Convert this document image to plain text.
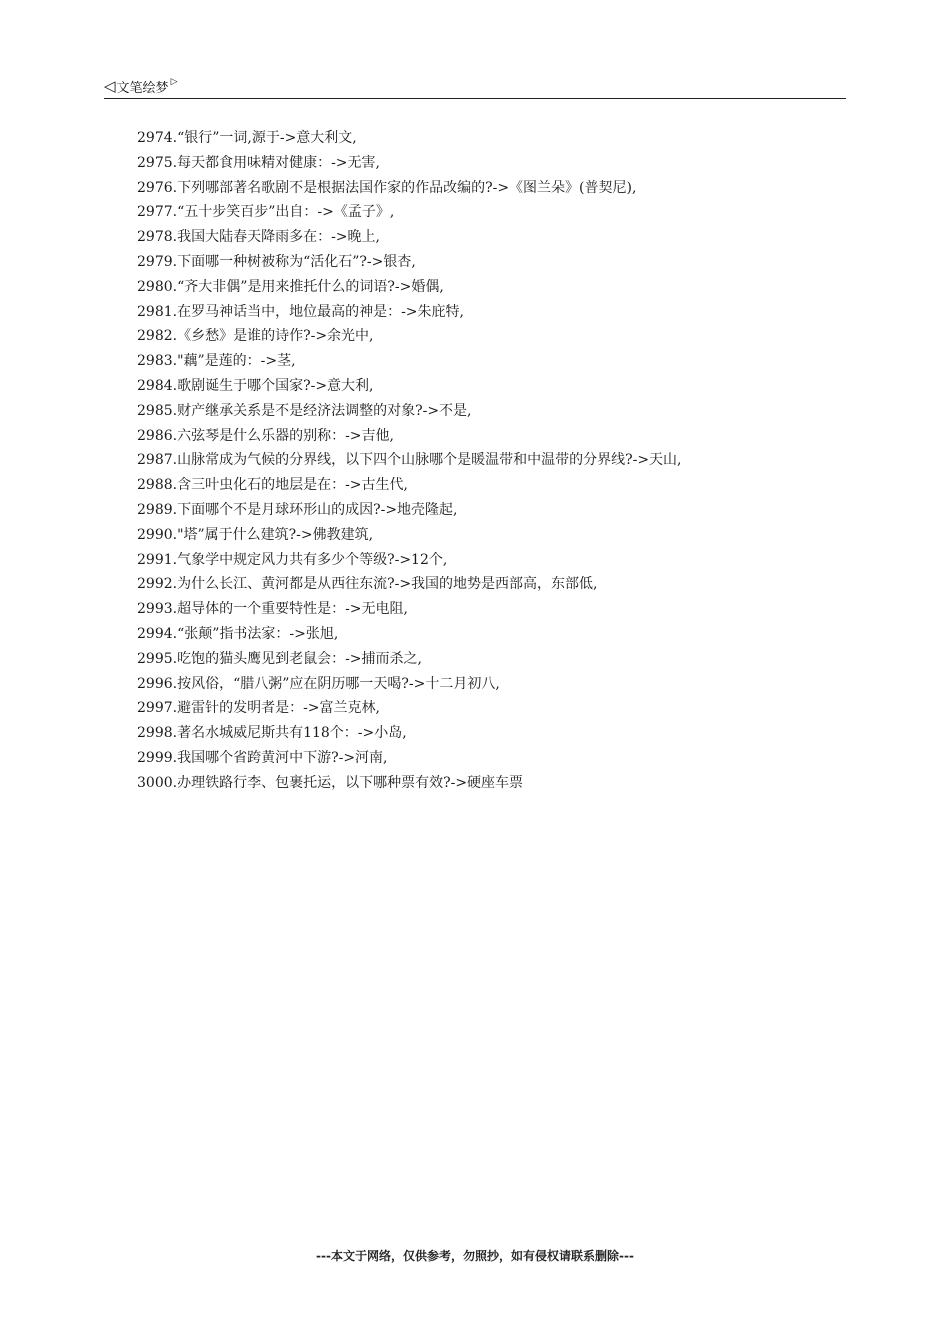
◁ 文笔绘梦 ▷
2974.“银行”一词,源于->意大利文,
2975.每天都食用味精对健康：->无害,
2976.下列哪部著名歌剧不是根据法国作家的作品改编的?->《图兰朵》(普契尼),
2977.“五十步笑百步”出自：->《孟子》,
2978.我国大陆春天降雨多在：->晚上,
2979.下面哪一种树被称为“活化石”?->银杏,
2980.“齐大非偶”是用来推托什么的词语?->婚偶,
2981.在罗马神话当中，地位最高的神是：->朱庇特,
2982.《乡愁》是谁的诗作?->余光中,
2983."藕”是莲的：->茎,
2984.歌剧诞生于哪个国家?->意大利,
2985.财产继承关系是不是经济法调整的对象?->不是,
2986.六弦琴是什么乐器的别称：->吉他,
2987.山脉常成为气候的分界线，以下四个山脉哪个是暖温带和中温带的分界线?->天山,
2988.含三叶虫化石的地层是在：->古生代,
2989.下面哪个不是月球环形山的成因?->地壳隆起,
2990."塔”属于什么建筑?->佛教建筑,
2991.气象学中规定风力共有多少个等级?->12个,
2992.为什么长江、黄河都是从西往东流?->我国的地势是西部高，东部低,
2993.超导体的一个重要特性是：->无电阻,
2994.“张颠”指书法家：->张旭,
2995.吃饱的猫头鹰见到老鼠会：->捕而杀之,
2996.按风俗，“腊八粥”应在阴历哪一天喝?->十二月初八,
2997.避雷针的发明者是：->富兰克林,
2998.著名水城威尼斯共有118个：->小岛,
2999.我国哪个省跨黄河中下游?->河南,
3000.办理铁路行李、包裹托运，以下哪种票有效?->硬座车票
---本文于网络，仅供参考，勿照抄，如有侵权请联系删除---
